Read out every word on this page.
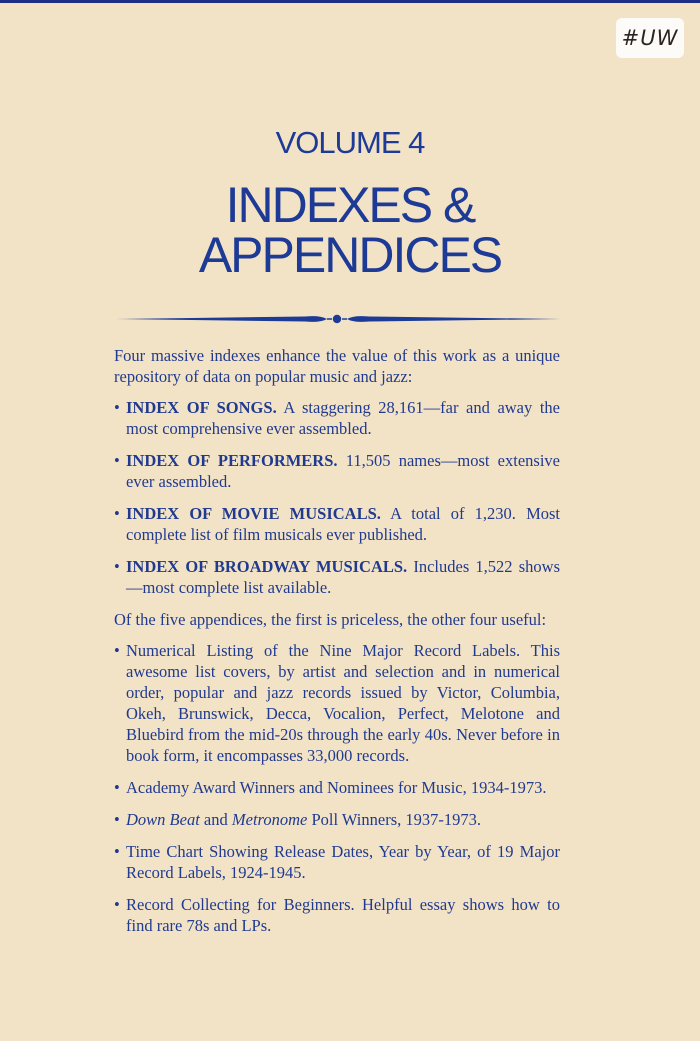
#UW
VOLUME 4
INDEXES &
APPENDICES

Four massive indexes enhance the value of this work as a unique repository of data on popular music and jazz:

• INDEX OF SONGS. A staggering 28,161—far and away the most comprehensive ever assembled.
• INDEX OF PERFORMERS. 11,505 names—most extensive ever assembled.
• INDEX OF MOVIE MUSICALS. A total of 1,230. Most complete list of film musicals ever published.
• INDEX OF BROADWAY MUSICALS. Includes 1,522 shows—most complete list available.

Of the five appendices, the first is priceless, the other four useful:

• Numerical Listing of the Nine Major Record Labels. This awesome list covers, by artist and selection and in numerical order, popular and jazz records issued by Victor, Columbia, Okeh, Brunswick, Decca, Vocalion, Perfect, Melotone and Bluebird from the mid-20s through the early 40s. Never before in book form, it encompasses 33,000 records.
• Academy Award Winners and Nominees for Music, 1934-1973.
• Down Beat and Metronome Poll Winners, 1937-1973.
• Time Chart Showing Release Dates, Year by Year, of 19 Major Record Labels, 1924-1945.
• Record Collecting for Beginners. Helpful essay shows how to find rare 78s and LPs.
